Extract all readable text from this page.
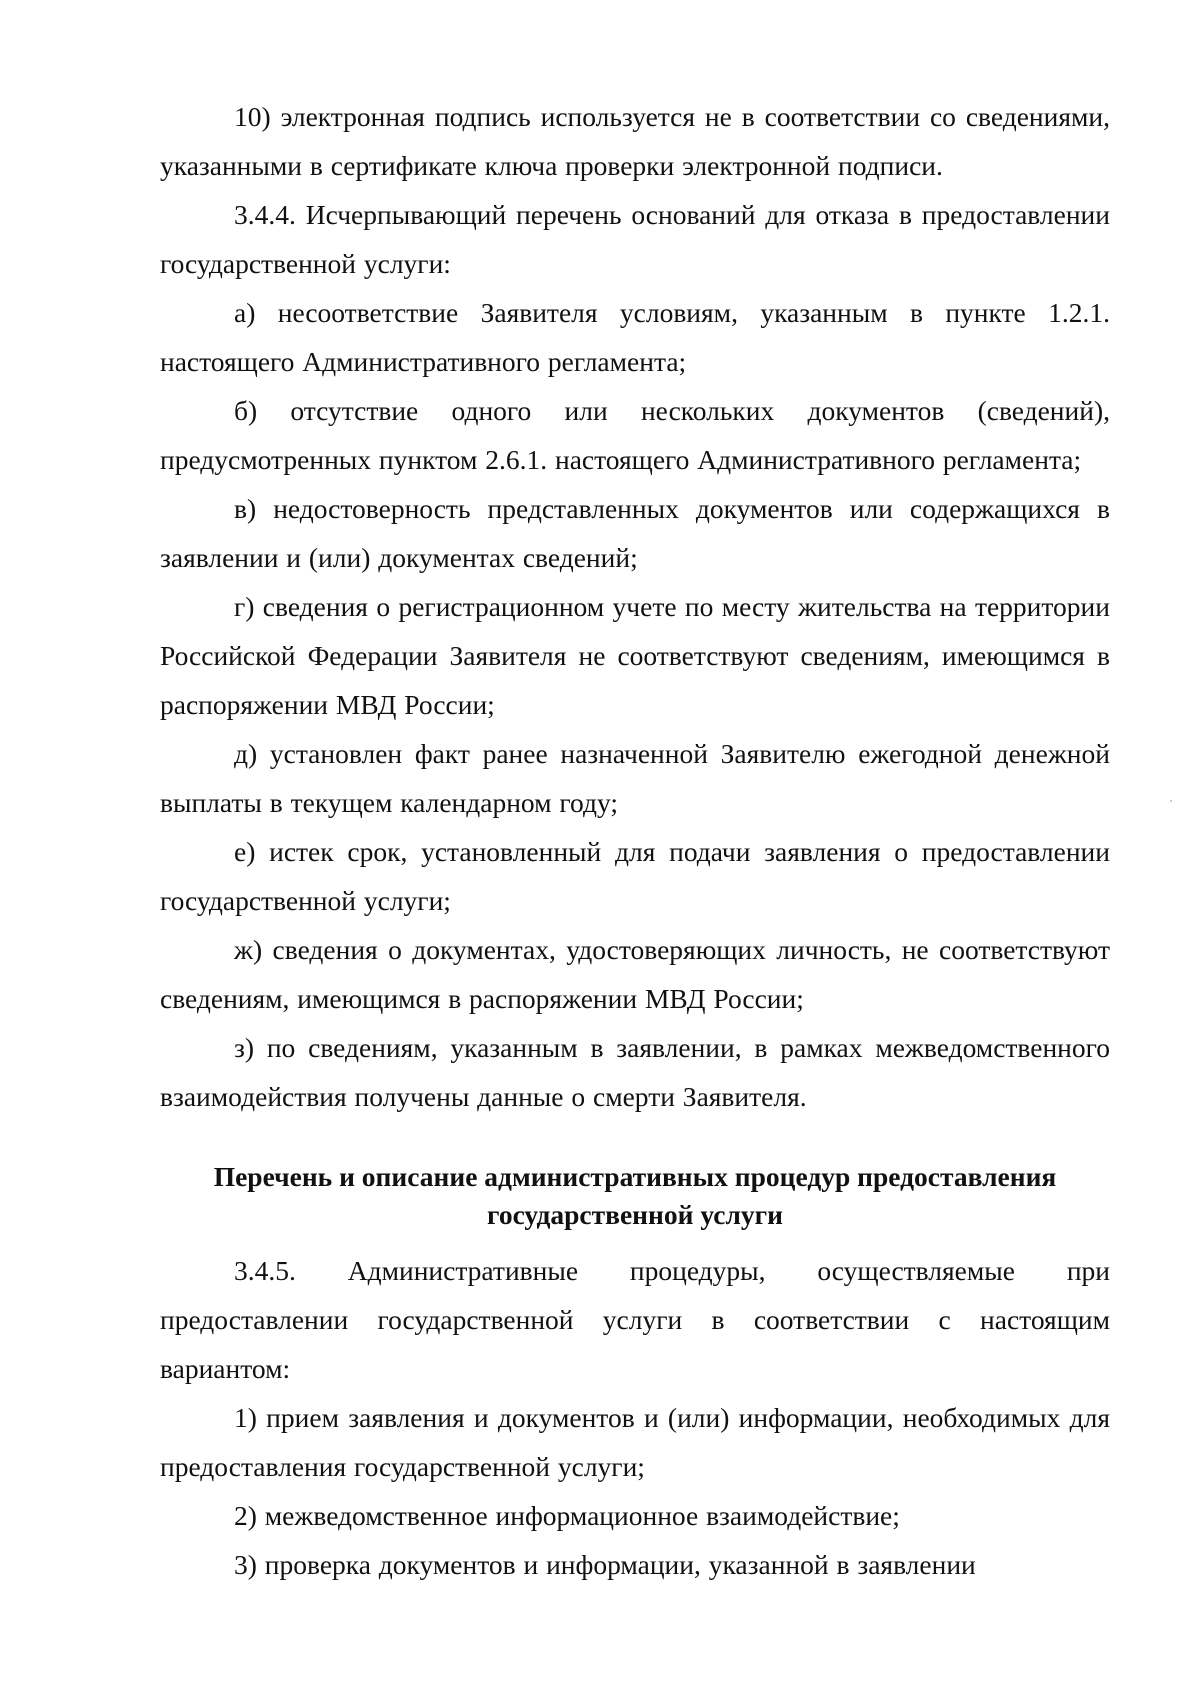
10) электронная подпись используется не в соответствии со сведениями, указанными в сертификате ключа проверки электронной подписи.

3.4.4. Исчерпывающий перечень оснований для отказа в предоставлении государственной услуги:

а) несоответствие Заявителя условиям, указанным в пункте 1.2.1. настоящего Административного регламента;

б) отсутствие одного или нескольких документов (сведений), предусмотренных пунктом 2.6.1. настоящего Административного регламента;

в) недостоверность представленных документов или содержащихся в заявлении и (или) документах сведений;

г) сведения о регистрационном учете по месту жительства на территории Российской Федерации Заявителя не соответствуют сведениям, имеющимся в распоряжении МВД России;

д) установлен факт ранее назначенной Заявителю ежегодной денежной выплаты в текущем календарном году;

е) истек срок, установленный для подачи заявления о предоставлении государственной услуги;

ж) сведения о документах, удостоверяющих личность, не соответствуют сведениям, имеющимся в распоряжении МВД России;

з) по сведениям, указанным в заявлении, в рамках межведомственного взаимодействия получены данные о смерти Заявителя.

Перечень и описание административных процедур предоставления
государственной услуги

3.4.5. Административные процедуры, осуществляемые при предоставлении государственной услуги в соответствии с настоящим вариантом:

1) прием заявления и документов и (или) информации, необходимых для предоставления государственной услуги;

2) межведомственное информационное взаимодействие;

3) проверка документов и информации, указанной в заявлении
